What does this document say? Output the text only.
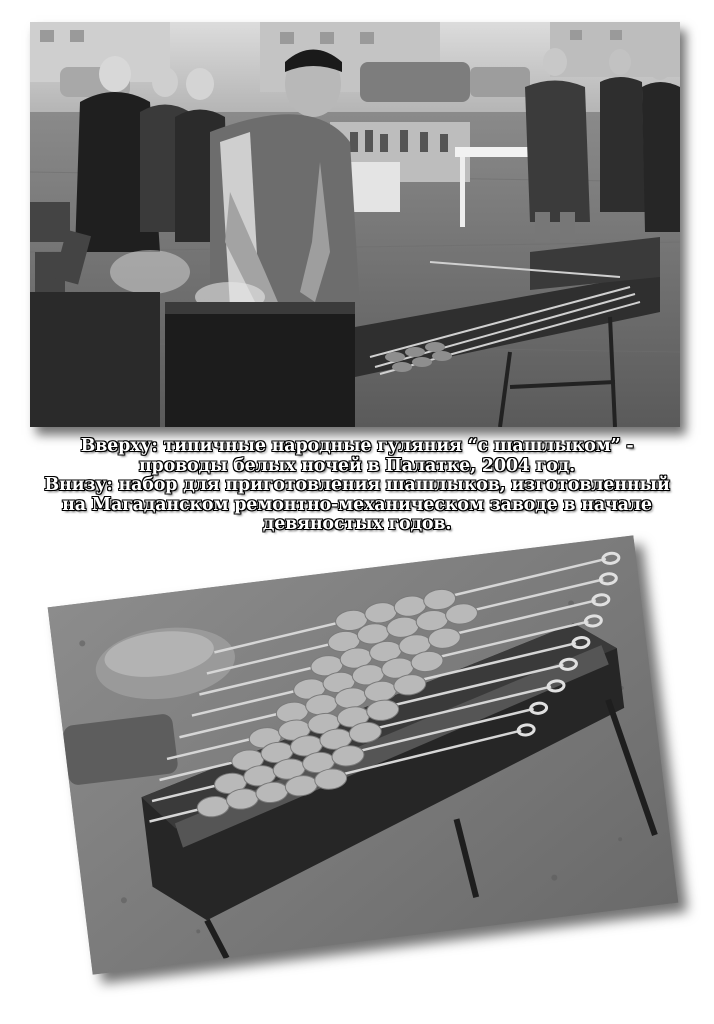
Вверху: типичные народные гуляния “с шашлыком” -
проводы белых ночей в Палатке, 2004 год.
Внизу: набор для приготовления шашлыков, изготовленный
на Магаданском ремонтно-механическом заводе в начале
девяностых годов.
